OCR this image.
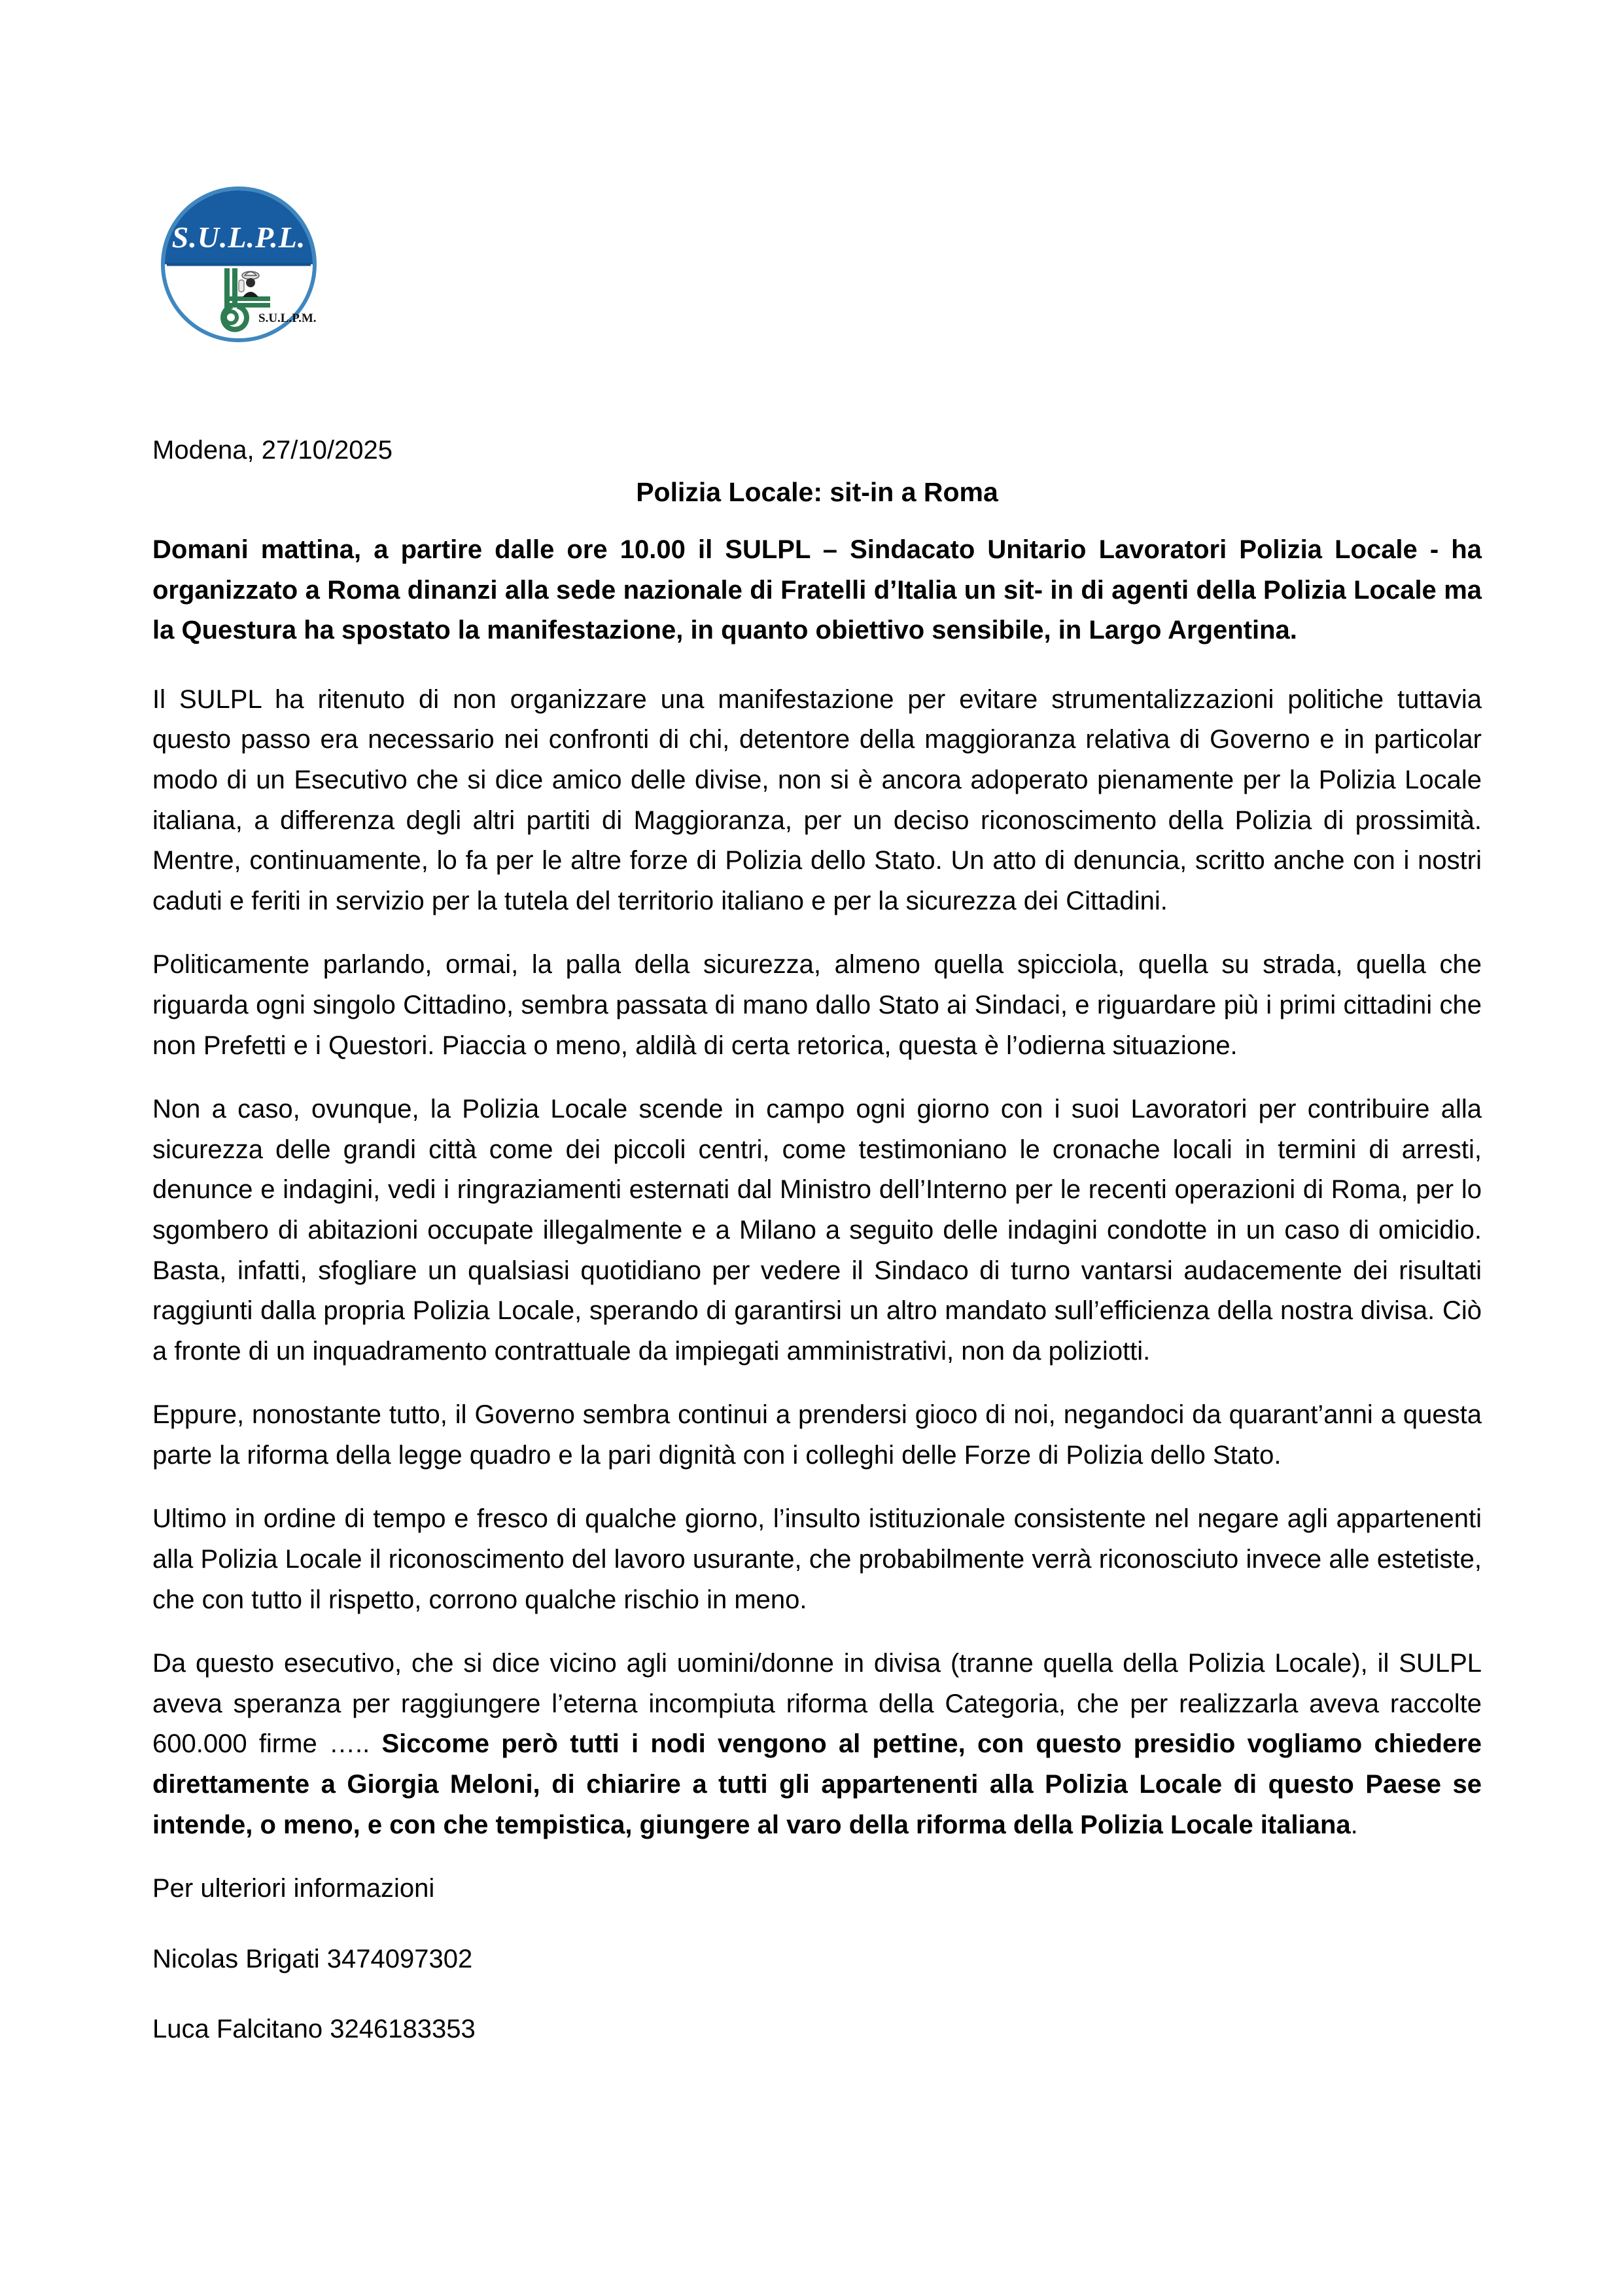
S.U.L.P.L.
S.U.L.P.M.
Modena, 27/10/2025
Polizia Locale: sit-in a Roma

Domani mattina, a partire dalle ore 10.00 il SULPL – Sindacato Unitario Lavoratori Polizia Locale - ha organizzato a Roma dinanzi alla sede nazionale di Fratelli d’Italia un sit- in di agenti della Polizia Locale ma la Questura ha spostato la manifestazione, in quanto obiettivo sensibile, in Largo Argentina.

Il SULPL ha ritenuto di non organizzare una manifestazione per evitare strumentalizzazioni politiche tuttavia questo passo era necessario nei confronti di chi, detentore della maggioranza relativa di Governo e in particolar modo di un Esecutivo che si dice amico delle divise, non si è ancora adoperato pienamente per la Polizia Locale italiana, a differenza degli altri partiti di Maggioranza, per un deciso riconoscimento della Polizia di prossimità. Mentre, continuamente, lo fa per le altre forze di Polizia dello Stato. Un atto di denuncia, scritto anche con i nostri caduti e feriti in servizio per la tutela del territorio italiano e per la sicurezza dei Cittadini.

Politicamente parlando, ormai, la palla della sicurezza, almeno quella spicciola, quella su strada, quella che riguarda ogni singolo Cittadino, sembra passata di mano dallo Stato ai Sindaci, e riguardare più i primi cittadini che non Prefetti e i Questori. Piaccia o meno, aldilà di certa retorica, questa è l’odierna situazione.

Non a caso, ovunque, la Polizia Locale scende in campo ogni giorno con i suoi Lavoratori per contribuire alla sicurezza delle grandi città come dei piccoli centri, come testimoniano le cronache locali in termini di arresti, denunce e indagini, vedi i ringraziamenti esternati dal Ministro dell’Interno per le recenti operazioni di Roma, per lo sgombero di abitazioni occupate illegalmente e a Milano a seguito delle indagini condotte in un caso di omicidio. Basta, infatti, sfogliare un qualsiasi quotidiano per vedere il Sindaco di turno vantarsi audacemente dei risultati raggiunti dalla propria Polizia Locale, sperando di garantirsi un altro mandato sull’efficienza della nostra divisa. Ciò a fronte di un inquadramento contrattuale da impiegati amministrativi, non da poliziotti.

Eppure, nonostante tutto, il Governo sembra continui a prendersi gioco di noi, negandoci da quarant’anni a questa parte la riforma della legge quadro e la pari dignità con i colleghi delle Forze di Polizia dello Stato.

Ultimo in ordine di tempo e fresco di qualche giorno, l’insulto istituzionale consistente nel negare agli appartenenti alla Polizia Locale il riconoscimento del lavoro usurante, che probabilmente verrà riconosciuto invece alle estetiste, che con tutto il rispetto, corrono qualche rischio in meno.

Da questo esecutivo, che si dice vicino agli uomini/donne in divisa (tranne quella della Polizia Locale), il SULPL aveva speranza per raggiungere l’eterna incompiuta riforma della Categoria, che per realizzarla aveva raccolte 600.000 firme ….. Siccome però tutti i nodi vengono al pettine, con questo presidio vogliamo chiedere direttamente a Giorgia Meloni, di chiarire a tutti gli appartenenti alla Polizia Locale di questo Paese se intende, o meno, e con che tempistica, giungere al varo della riforma della Polizia Locale italiana.

Per ulteriori informazioni

Nicolas Brigati 3474097302

Luca Falcitano 3246183353
